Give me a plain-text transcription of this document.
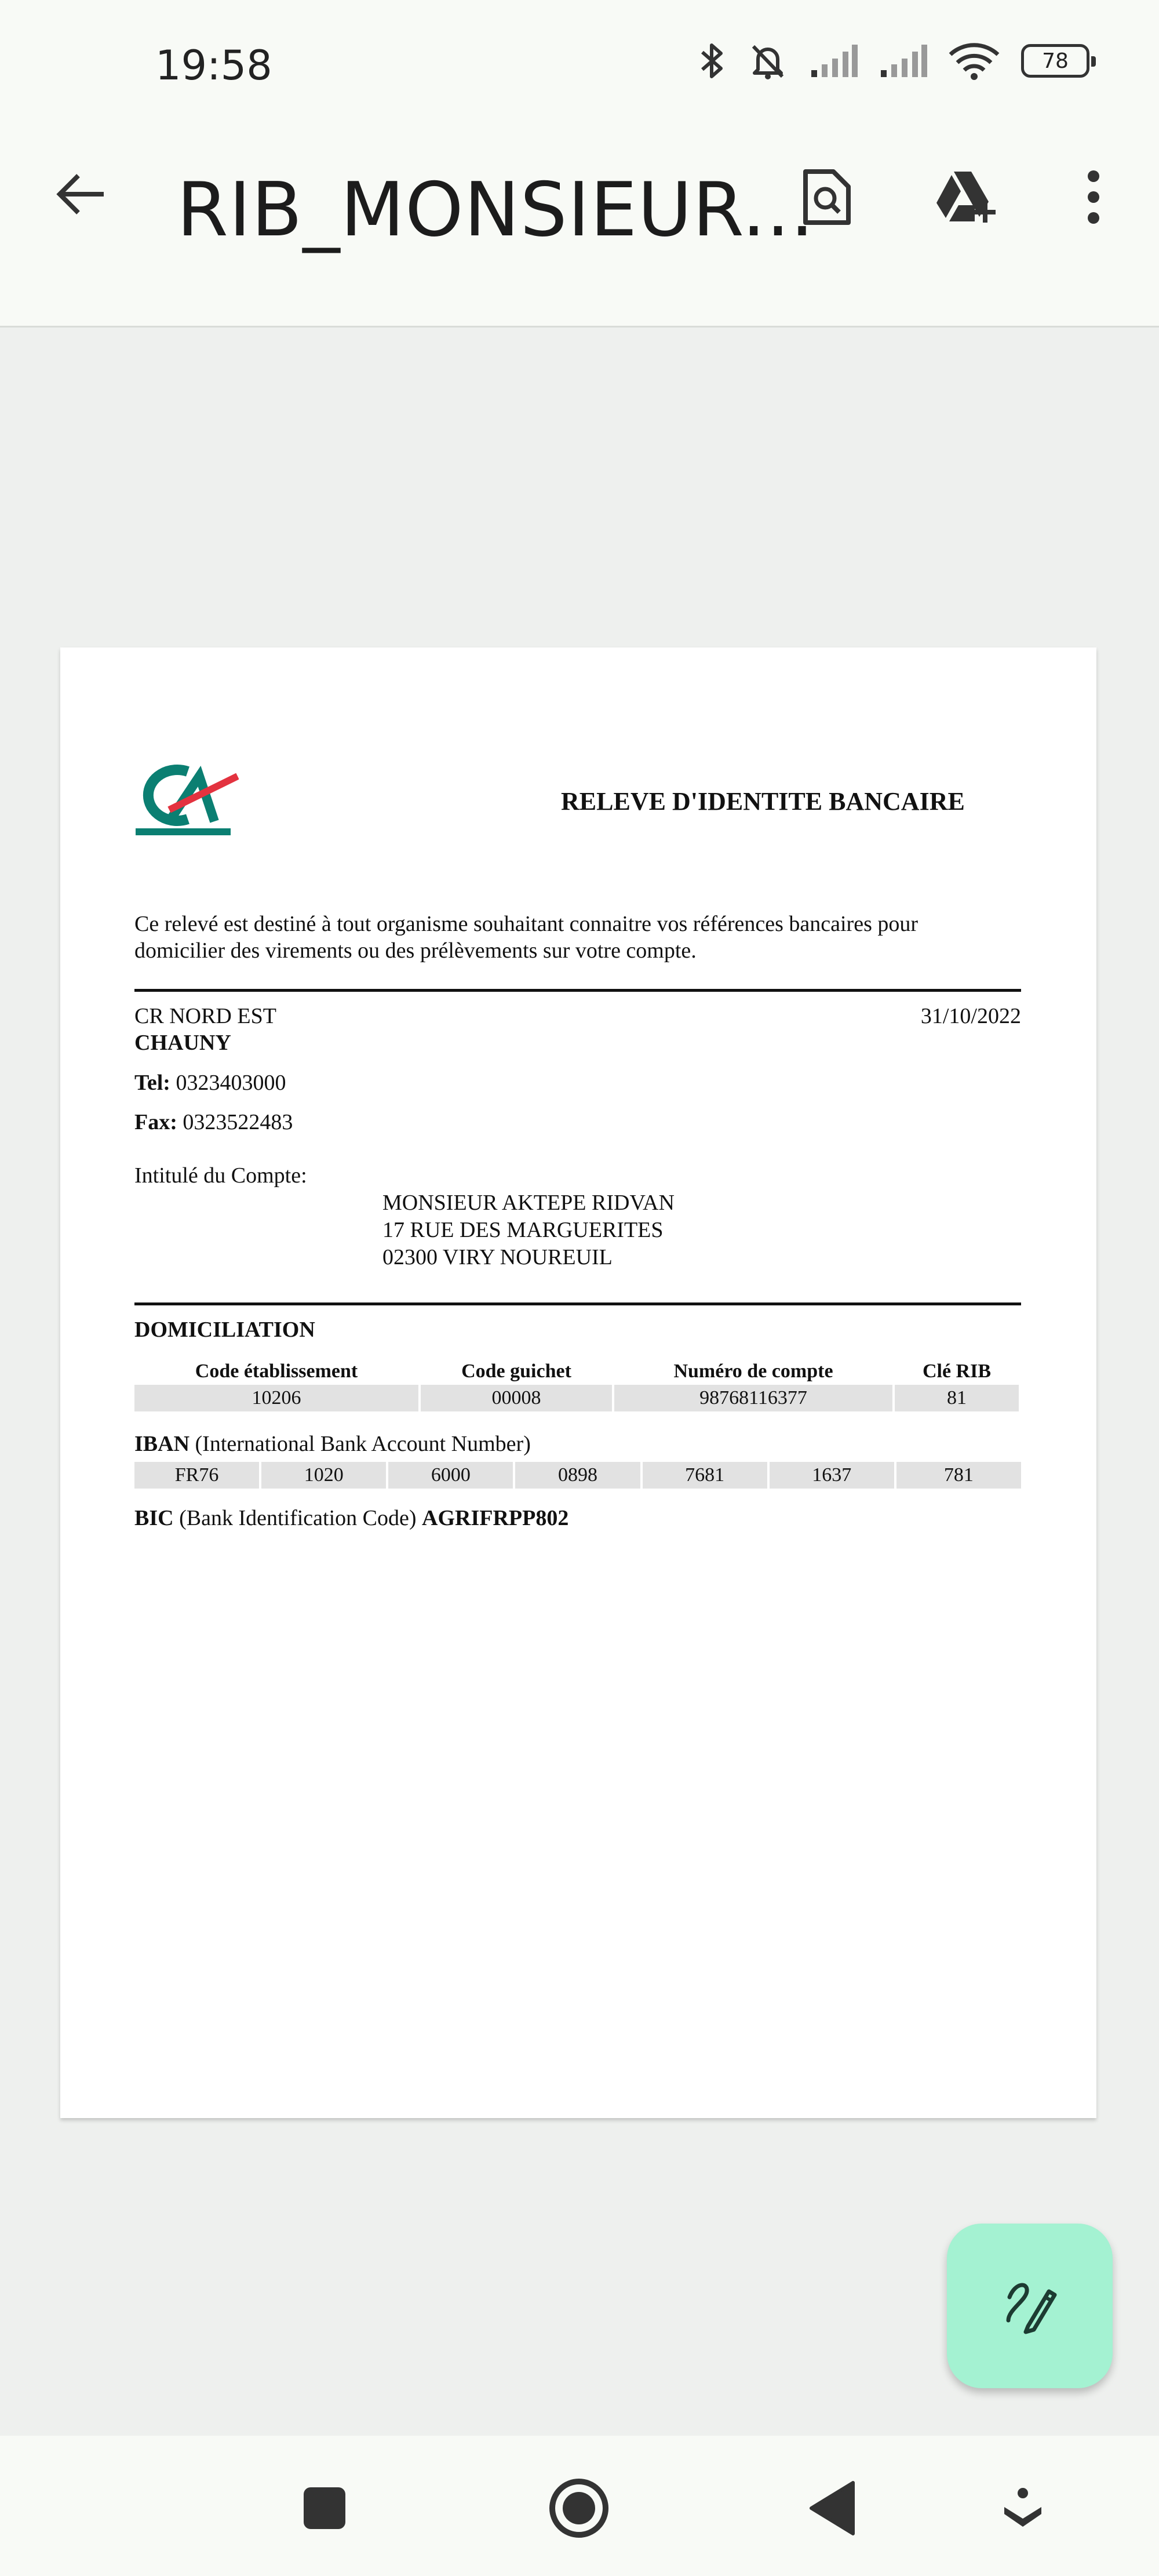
19:58	78
RIB_MONSIEUR...
RELEVE D'IDENTITE BANCAIRE
Ce relevé est destiné à tout organisme souhaitant connaitre vos références bancaires pour
domicilier des virements ou des prélèvements sur votre compte.
CR NORD EST	31/10/2022
CHAUNY
Tel: 0323403000
Fax: 0323522483
Intitulé du Compte:
MONSIEUR AKTEPE RIDVAN
17 RUE DES MARGUERITES
02300 VIRY NOUREUIL
DOMICILIATION
Code établissement	Code guichet	Numéro de compte	Clé RIB
10206	00008	98768116377	81
IBAN (International Bank Account Number)
FR76	1020	6000	0898	7681	1637	781
BIC (Bank Identification Code) AGRIFRPP802
